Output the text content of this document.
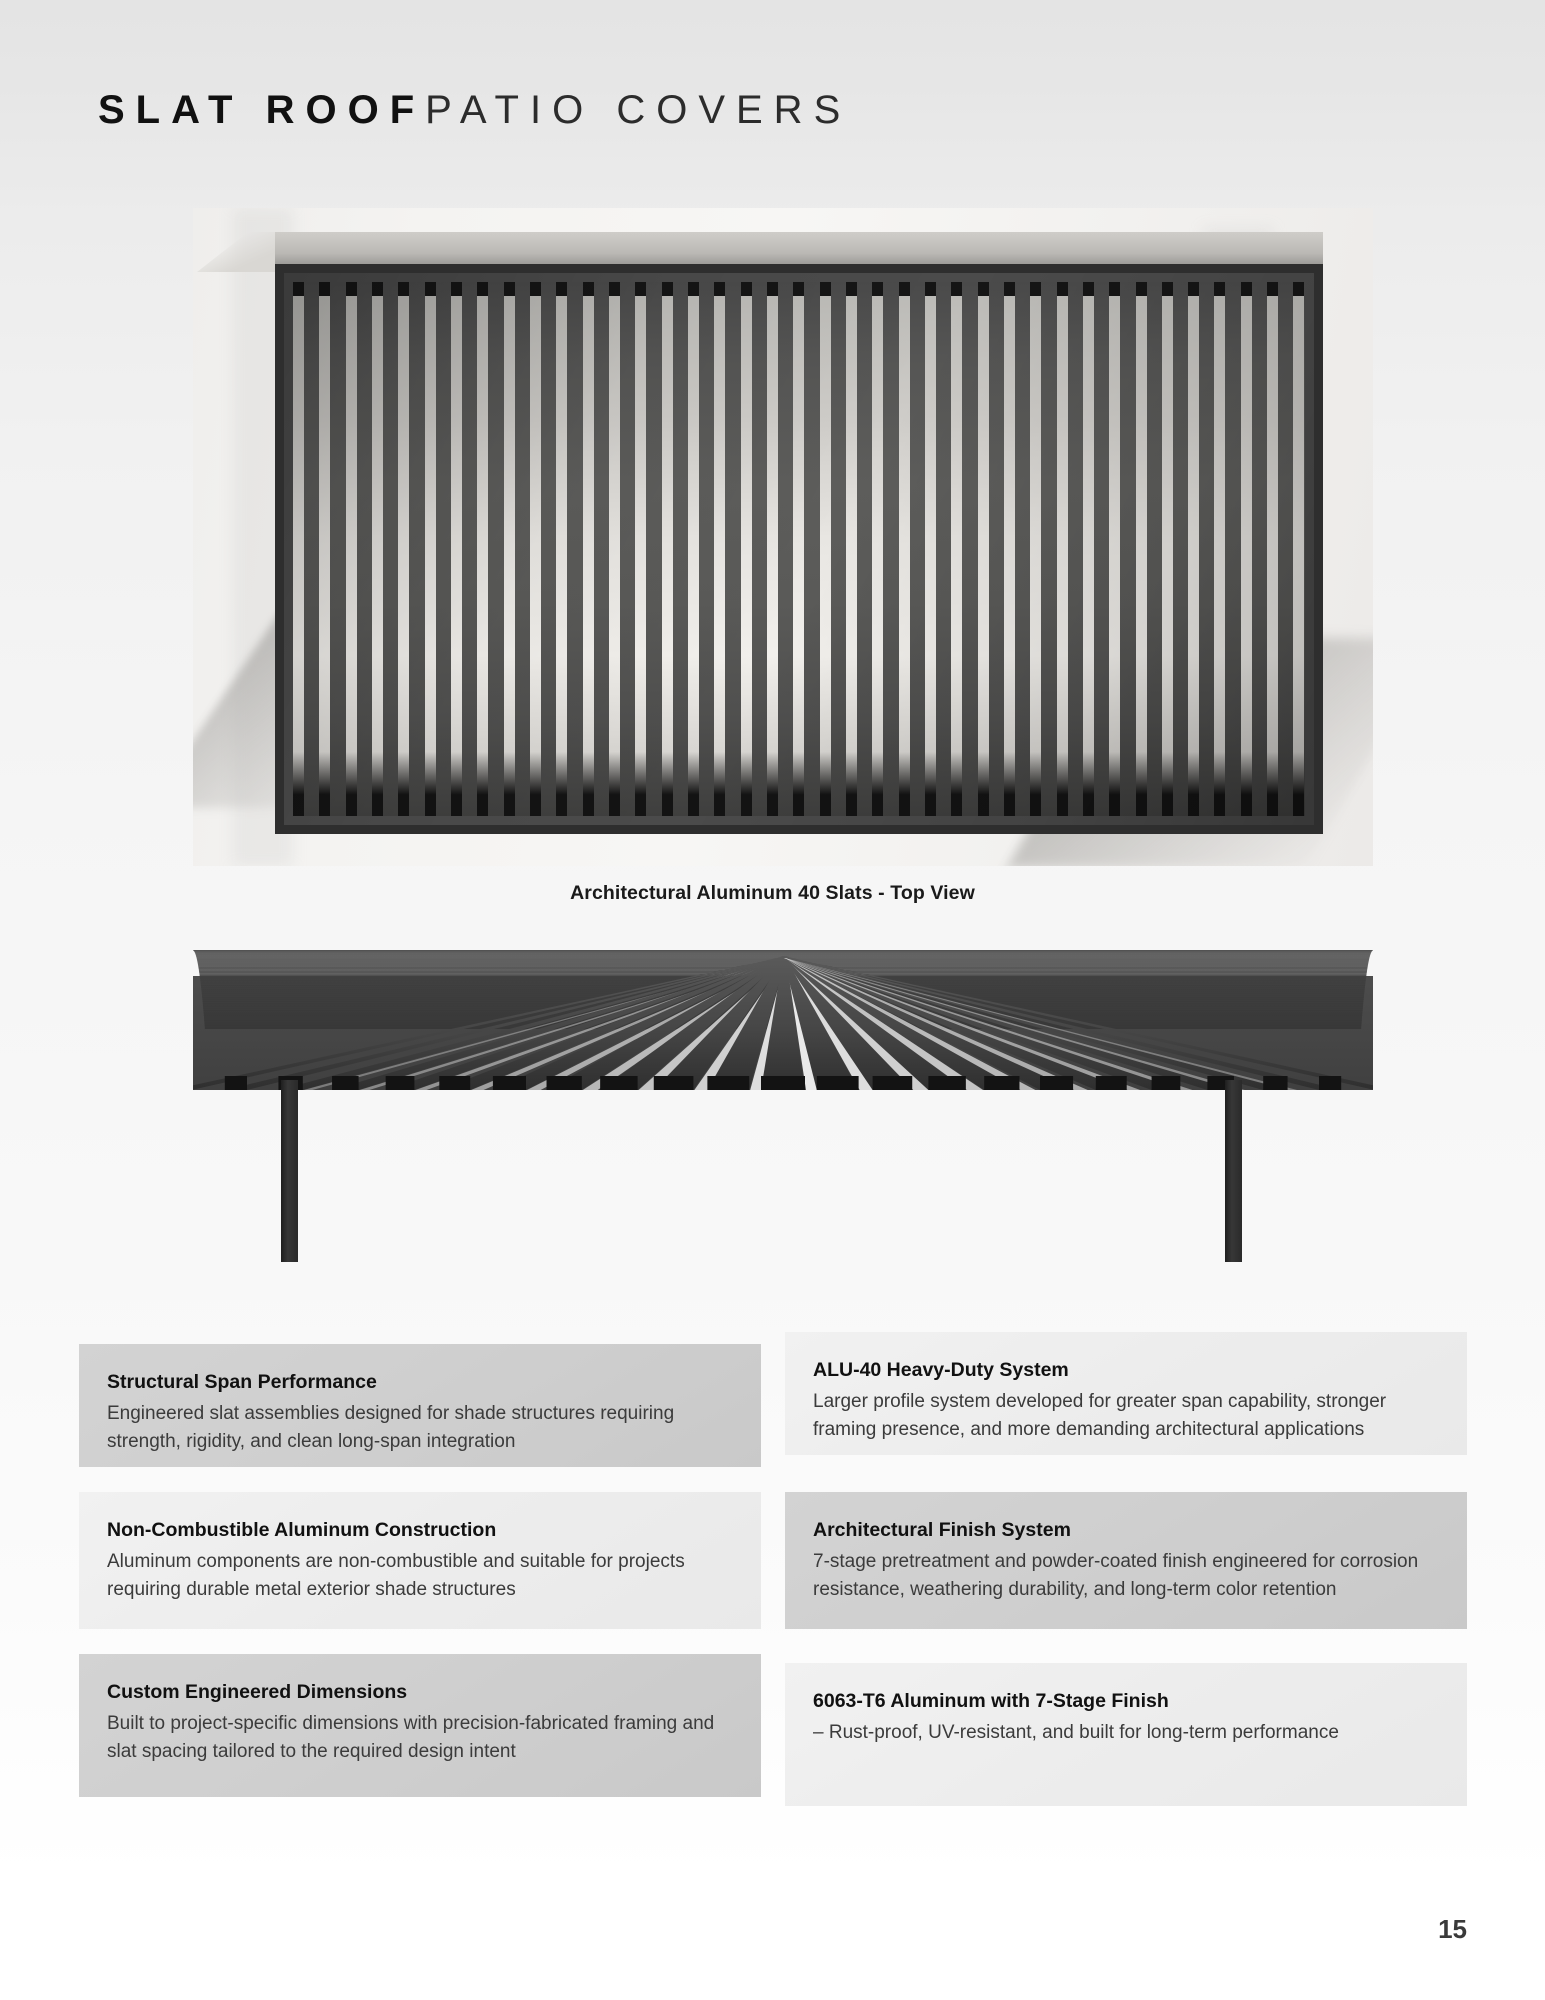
SLAT ROOFPATIO COVERS
Architectural Aluminum 40 Slats - Top View

Structural Span Performance

Engineered slat assemblies designed for shade structures requiring strength, rigidity, and clean long-span integration

ALU-40 Heavy-Duty System

Larger profile system developed for greater span capability, stronger framing presence, and more demanding architectural applications

Non-Combustible Aluminum Construction

Aluminum components are non-combustible and suitable for projects requiring durable metal exterior shade structures

Architectural Finish System

7-stage pretreatment and powder-coated finish engineered for corrosion resistance, weathering durability, and long-term color retention

Custom Engineered Dimensions

Built to project-specific dimensions with precision-fabricated framing and slat spacing tailored to the required design intent

6063-T6 Aluminum with 7-Stage Finish

– Rust-proof, UV-resistant, and built for long-term performance

15
